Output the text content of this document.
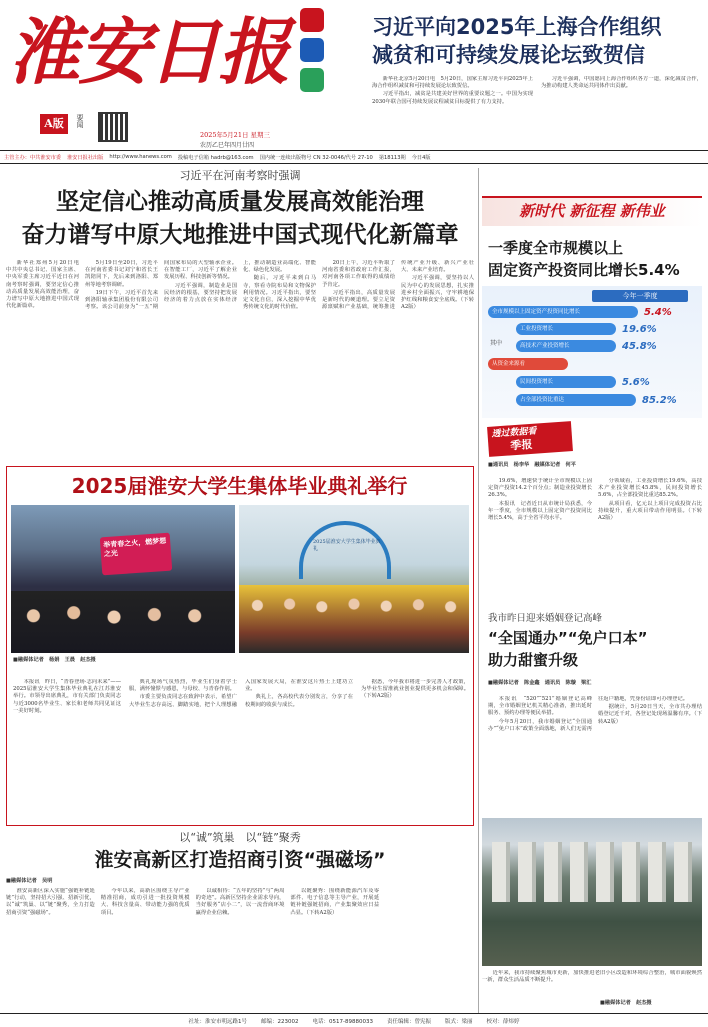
淮安日报
A版	要闻
2025年5月21日 星期三
农历乙巳年四月廿四
习近平向2025年上海合作组织
减贫和可持续发展论坛致贺信

新华社北京5月20日电　5月20日，国家主席习近平向2025年上海合作组织减贫和可持续发展论坛致贺信。

习近平指出，减贫是共建美好世界的重要议题之一。中国为实现2030年联合国可持续发展议程减贫目标提供了有力支持。

习近平强调，中国愿同上海合作组织各方一道，深化减贫合作，为推动构建人类命运共同体作出贡献。

主管主办：中共淮安市委 淮安日报社出版 http://www.hanews.com 投稿电子信箱 hadrb@163.com 国内统一连续出版物号 CN 32-0046/代号 27-10 第18113期 今日4版
习近平在河南考察时强调
坚定信心推动高质量发展高效能治理
奋力谱写中原大地推进中国式现代化新篇章

新华社郑州5月20日电　中共中央总书记、国家主席、中央军委主席习近平近日在河南考察时强调，要坚定信心推动高质量发展高效能治理，奋力谱写中原大地推进中国式现代化新篇章。

5月19日至20日，习近平在河南省委书记刘宁和省长王凯陪同下，先后来到洛阳、郑州等地考察调研。

19日下午，习近平首先来到洛阳轴承集团股份有限公司考察。该公司前身为“一五”期间国家布局的大型轴承企业。在智能工厂，习近平了解企业发展历程、科技创新等情况。

习近平强调，制造业是国民经济的根基，要坚持把发展经济的着力点放在实体经济上，推动制造业高端化、智能化、绿色化发展。

随后，习近平来到白马寺，察看寺院布局和文物保护利用情况。习近平指出，要坚定文化自信，深入挖掘中华优秀传统文化的时代价值。

20日上午，习近平听取了河南省委和省政府工作汇报，对河南各项工作取得的成绩给予肯定。

习近平指出，高质量发展是新时代的硬道理。要立足资源禀赋和产业基础，统筹推进传统产业升级、新兴产业壮大、未来产业培育。

习近平强调，要坚持以人民为中心的发展思想，扎实推进乡村全面振兴，守牢耕地保护红线和粮食安全底线。（下转A2版）

2025届淮安大学生集体毕业典礼举行
举青春之火，燃梦想之光
2025届淮安大学生集体毕业典礼
■融媒体记者　杨娟　王晨　赵杰摄

本报讯　昨日，“青春登场·志向未来”——2025届淮安大学生集体毕业典礼在江苏淮安举行。市领导出席典礼，市有关部门负责同志与近3000名毕业生、家长和老师共同见证这一美好时刻。

典礼现场气氛热烈，毕业生们身着学士服，满怀憧憬与感恩，与母校、与青春作别。

市委主要负责同志在致辞中表示，希望广大毕业生志存高远、脚踏实地，把个人理想融入国家发展大局，在淮安这片热土上建功立业。

典礼上，各高校代表分别发言，分享了在校期间的收获与成长。

据悉，今年我市将进一步完善人才政策，为毕业生留淮就业创业提供更多机会和保障。（下转A2版）

以“诚”筑巢　以“链”聚秀
淮安高新区打造招商引资“强磁场”
■融媒体记者　吴明

淮安高新区深入实施“强链补链延链”行动，坚持招大引强、招新引优，以“诚”筑巢、以“链”聚秀，全力打造招商引资“强磁场”。

今年以来，高新区围绕主导产业精准招商，成功引进一批投资规模大、科技含量高、带动能力强的优质项目。

以诚相待：“五年的坚持”与“两周的奇迹”。高新区坚持企业需求导向，当好服务“店小二”，以一流营商环境赢得企业信赖。

以链聚秀：围绕新能源汽车及零部件、电子信息等主导产业，开展延链补链强链招商，产业集聚效应日益凸显。（下转A2版）

新时代 新征程 新伟业
一季度全市规模以上
固定资产投资同比增长5.4%
今年一季度
全市规模以上固定资产投资同比增长	5.4%
工业投资增长	19.6%
高技术产业投资增长	45.8%
从资金来源看
民间投资增长	5.6%
占全部投资比重达	85.2%
其中
透过数据看
季报
■通讯员　杨李华　融媒体记者　何平

19.6%，增速快于统计全市规模以上固定资产投资14.2个百分点；制造业投资增长26.3%。

本报讯　记者近日从市统计局获悉，今年一季度，全市规模以上固定资产投资同比增长5.4%，高于全省平均水平。

分领域看，工业投资增长19.6%，高技术产业投资增长45.8%，民间投资增长5.6%，占全部投资比重达85.2%。

从项目看，亿元以上项目完成投资占比持续提升，重大项目带动作用明显。（下转A2版）

我市昨日迎来婚姻登记高峰
“全国通办”“免户口本”
助力甜蜜升级
■融媒体记者　陈金鑫　通讯员　陈璇　梁汇

本报讯　“520”“521”婚姻登记高峰期，全市婚姻登记机关精心准备，推出延时服务、预约办理等便民举措。

今年5月20日，我市婚姻登记“全国通办”“免户口本”政策全面落地，新人们无需再往返户籍地，凭身份证即可办理登记。

据统计，5月20日当天，全市共办理结婚登记近千对，各登记处现场温馨有序。（下转A2版）

近年来，我市持续聚焦城市更新，加快推进老旧小区改造和环境综合整治，城市面貌焕然一新，群众生活品质不断提升。
■融媒体记者　赵杰摄
社址：淮安市明远路1号	邮编：223002	电话：0517-89880033	责任编辑：曾宪振	版式：梁丽	校对：薛炜婷
